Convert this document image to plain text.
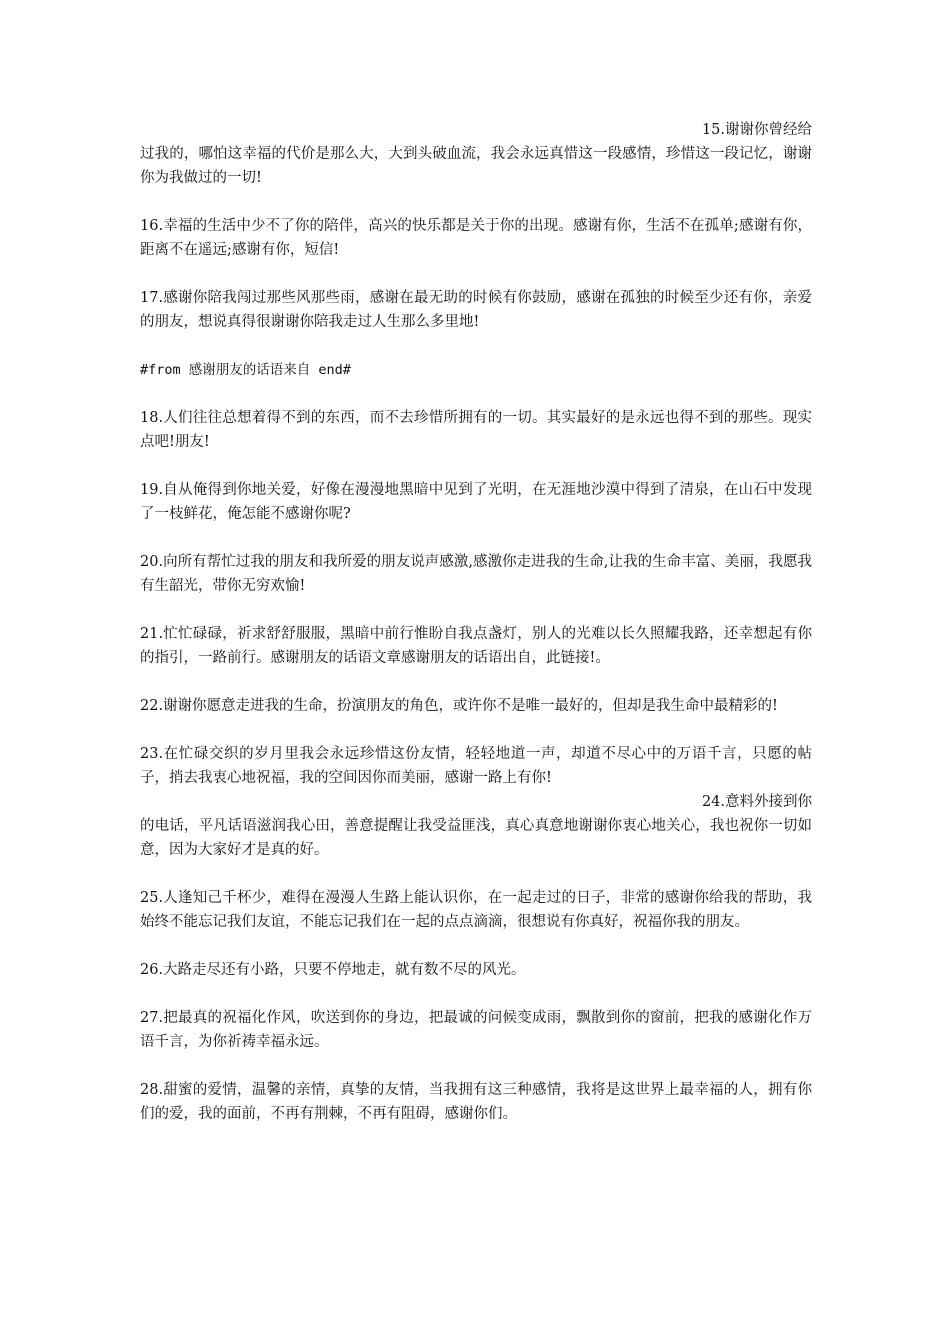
15.谢谢你曾经给

过我的，哪怕这幸福的代价是那么大，大到头破血流，我会永远真惜这一段感情，珍惜这一段记忆，谢谢你为我做过的一切!

16.幸福的生活中少不了你的陪伴，高兴的快乐都是关于你的出现。感谢有你，生活不在孤单;感谢有你，距离不在遥远;感谢有你，短信!

17.感谢你陪我闯过那些风那些雨，感谢在最无助的时候有你鼓励，感谢在孤独的时候至少还有你，亲爱的朋友，想说真得很谢谢你陪我走过人生那么多里地!

#from 感谢朋友的话语来自 end#

18.人们往往总想着得不到的东西，而不去珍惜所拥有的一切。其实最好的是永远也得不到的那些。现实点吧!朋友!

19.自从俺得到你地关爱，好像在漫漫地黑暗中见到了光明，在无涯地沙漠中得到了清泉，在山石中发现了一枝鲜花，俺怎能不感谢你呢?

20.向所有帮忙过我的朋友和我所爱的朋友说声感激,感激你走进我的生命,让我的生命丰富、美丽，我愿我有生韶光，带你无穷欢愉!

21.忙忙碌碌，祈求舒舒服服，黑暗中前行惟盼自我点盏灯，别人的光难以长久照耀我路，还幸想起有你的指引，一路前行。感谢朋友的话语文章感谢朋友的话语出自，此链接!。

22.谢谢你愿意走进我的生命，扮演朋友的角色，或许你不是唯一最好的，但却是我生命中最精彩的!

23.在忙碌交织的岁月里我会永远珍惜这份友情，轻轻地道一声，却道不尽心中的万语千言，只愿的帖子，捎去我衷心地祝福，我的空间因你而美丽，感谢一路上有你!

24.意料外接到你

的电话，平凡话语滋润我心田，善意提醒让我受益匪浅，真心真意地谢谢你衷心地关心，我也祝你一切如意，因为大家好才是真的好。

25.人逢知己千杯少，难得在漫漫人生路上能认识你，在一起走过的日子，非常的感谢你给我的帮助，我始终不能忘记我们友谊，不能忘记我们在一起的点点滴滴，很想说有你真好，祝福你我的朋友。

26.大路走尽还有小路，只要不停地走，就有数不尽的风光。

27.把最真的祝福化作风，吹送到你的身边，把最诚的问候变成雨，飘散到你的窗前，把我的感谢化作万语千言，为你祈祷幸福永远。

28.甜蜜的爱情，温馨的亲情，真挚的友情，当我拥有这三种感情，我将是这世界上最幸福的人，拥有你们的爱，我的面前，不再有荆棘，不再有阻碍，感谢你们。
